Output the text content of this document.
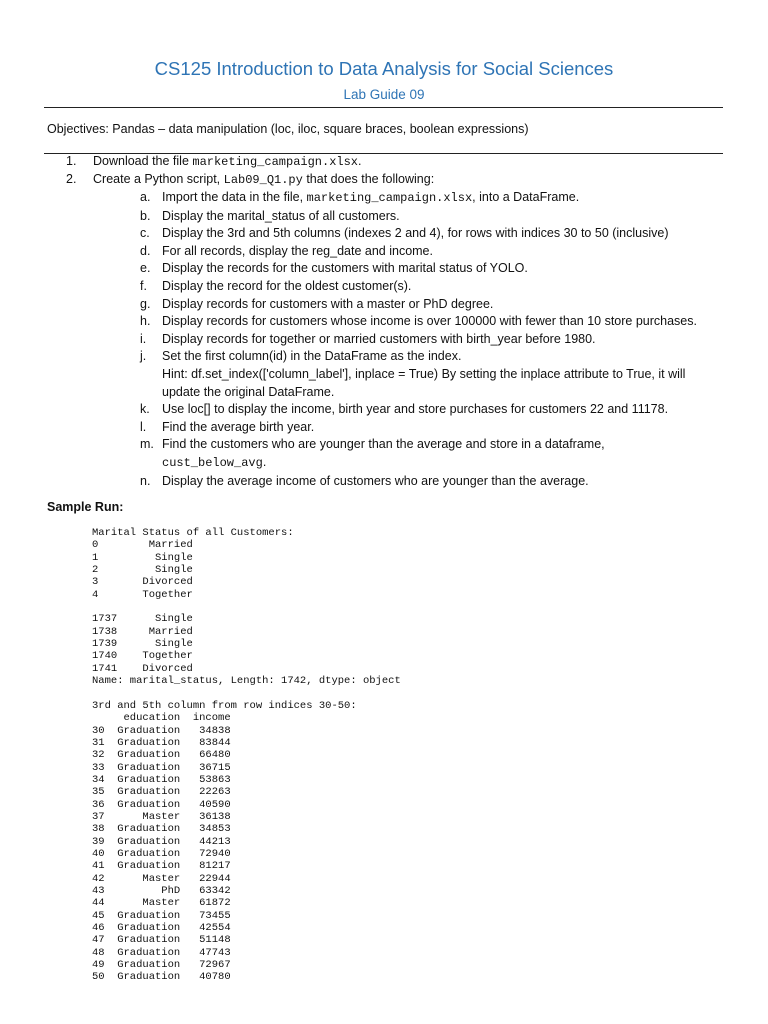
CS125 Introduction to Data Analysis for Social Sciences
Lab Guide 09
Objectives: Pandas – data manipulation (loc, iloc, square braces, boolean expressions)
1.	Download the file marketing_campaign.xlsx.
2.	Create a Python script, Lab09_Q1.py that does the following:
a. Import the data in the file, marketing_campaign.xlsx, into a DataFrame.
b. Display the marital_status of all customers.
c. Display the 3rd and 5th columns (indexes 2 and 4), for rows with indices 30 to 50 (inclusive)
d. For all records, display the reg_date and income.
e. Display the records for the customers with marital status of YOLO.
f.	Display the record for the oldest customer(s).
g. Display records for customers with a master or PhD degree.
h. Display records for customers whose income is over 100000 with fewer than 10 store purchases.
i.	Display records for together or married customers with birth_year before 1980.
j.	Set the first column(id) in the DataFrame as the index.
Hint: df.set_index(['column_label'], inplace = True) By setting the inplace attribute to True, it will
update the original DataFrame.
k. Use loc[] to display the income, birth year and store purchases for customers 22 and 11178.
l.	Find the average birth year.
m. Find the customers who are younger than the average and store in a dataframe,
cust_below_avg.
n. Display the average income of customers who are younger than the average.
Sample Run:
Marital Status of all Customers:
0        Married
1         Single
2         Single
3       Divorced
4       Together
1737      Single
1738     Married
1739      Single
1740    Together
1741    Divorced
Name: marital_status, Length: 1742, dtype: object
3rd and 5th column from row indices 30-50:
education  income
30  Graduation   34838
31  Graduation   83844
32  Graduation   66480
33  Graduation   36715
34  Graduation   53863
35  Graduation   22263
36  Graduation   40590
37      Master   36138
38  Graduation   34853
39  Graduation   44213
40  Graduation   72940
41  Graduation   81217
42      Master   22944
43         PhD   63342
44      Master   61872
45  Graduation   73455
46  Graduation   42554
47  Graduation   51148
48  Graduation   47743
49  Graduation   72967
50  Graduation   40780
